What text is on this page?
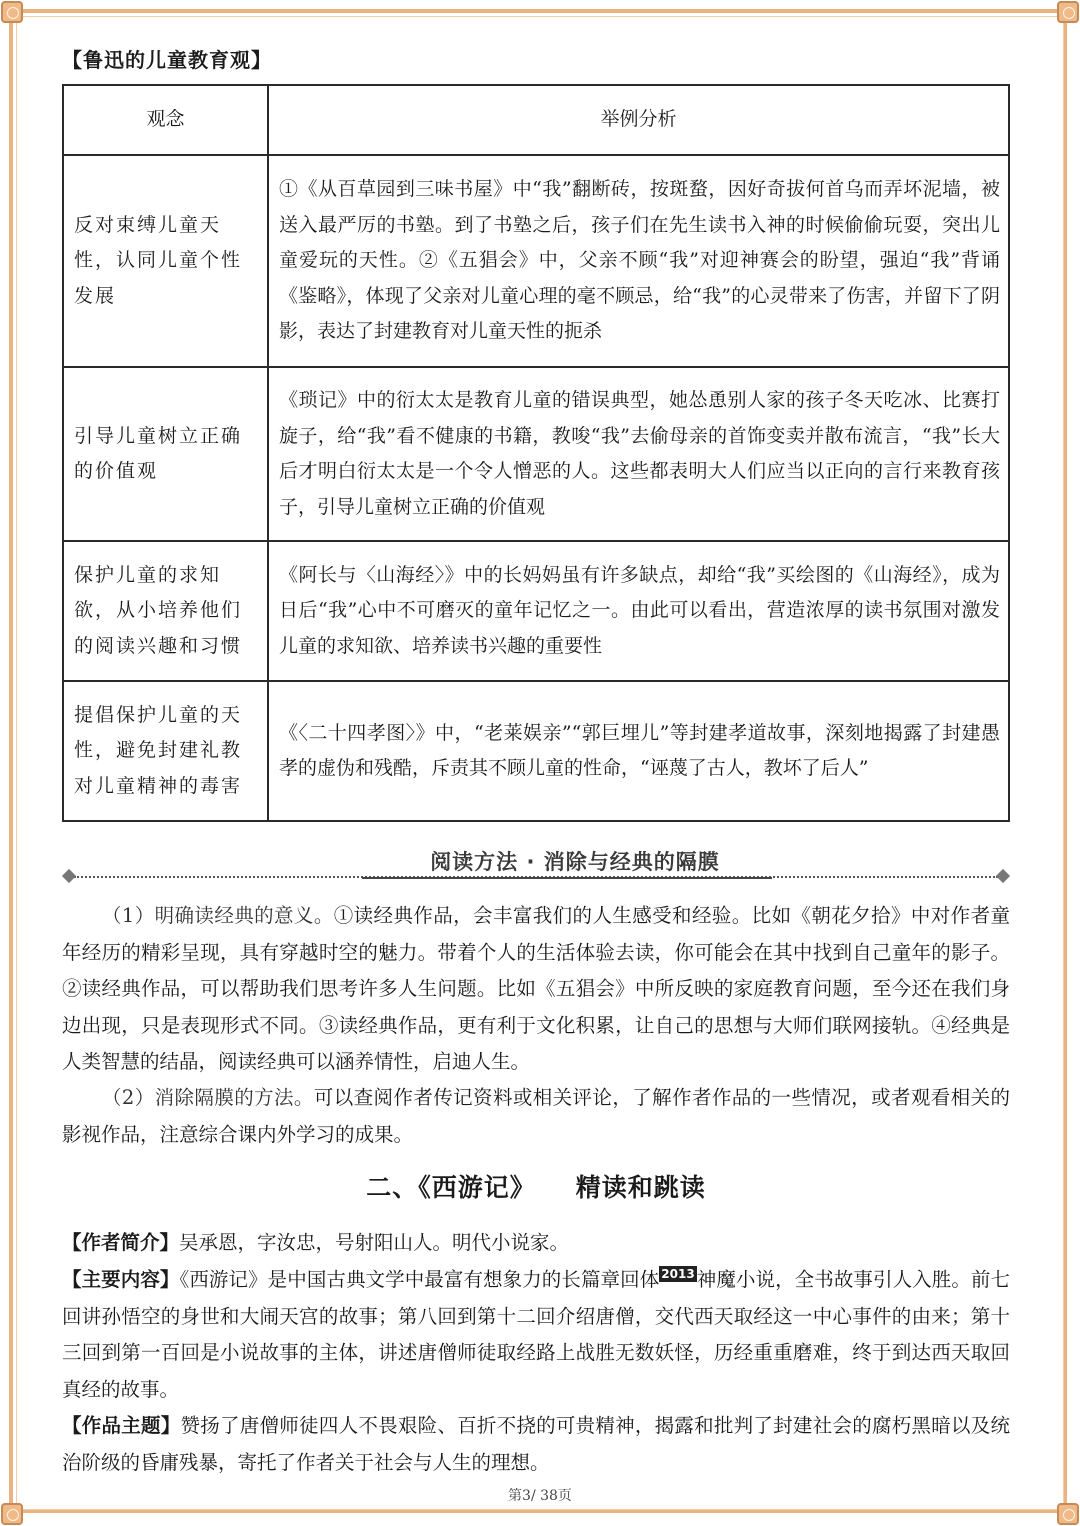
【鲁迅的儿童教育观】
观念	举例分析
反对束缚儿童天性，认同儿童个性发展	①《从百草园到三味书屋》中“我”翻断砖，按斑蝥，因好奇拔何首乌而弄坏泥墙，被送入最严厉的书塾。到了书塾之后，孩子们在先生读书入神的时候偷偷玩耍，突出儿童爱玩的天性。②《五猖会》中，父亲不顾“我”对迎神赛会的盼望，强迫“我”背诵《鉴略》，体现了父亲对儿童心理的毫不顾忌，给“我”的心灵带来了伤害，并留下了阴影，表达了封建教育对儿童天性的扼杀
引导儿童树立正确的价值观	《琐记》中的衍太太是教育儿童的错误典型，她怂恿别人家的孩子冬天吃冰、比赛打旋子，给“我”看不健康的书籍，教唆“我”去偷母亲的首饰变卖并散布流言，“我”长大后才明白衍太太是一个令人憎恶的人。这些都表明大人们应当以正向的言行来教育孩子，引导儿童树立正确的价值观
保护儿童的求知欲，从小培养他们的阅读兴趣和习惯	《阿长与〈山海经〉》中的长妈妈虽有许多缺点，却给“我”买绘图的《山海经》，成为日后“我”心中不可磨灭的童年记忆之一。由此可以看出，营造浓厚的读书氛围对激发儿童的求知欲、培养读书兴趣的重要性
提倡保护儿童的天性，避免封建礼教对儿童精神的毒害	《〈二十四孝图〉》中，“老莱娱亲”“郭巨埋儿”等封建孝道故事，深刻地揭露了封建愚孝的虚伪和残酷，斥责其不顾儿童的性命，“诬蔑了古人，教坏了后人”
阅读方法 · 消除与经典的隔膜
（1）明确读经典的意义。①读经典作品，会丰富我们的人生感受和经验。比如《朝花夕拾》中对作者童年经历的精彩呈现，具有穿越时空的魅力。带着个人的生活体验去读，你可能会在其中找到自己童年的影子。②读经典作品，可以帮助我们思考许多人生问题。比如《五猖会》中所反映的家庭教育问题，至今还在我们身边出现，只是表现形式不同。③读经典作品，更有利于文化积累，让自己的思想与大师们联网接轨。④经典是人类智慧的结晶，阅读经典可以涵养情性，启迪人生。
（2）消除隔膜的方法。可以查阅作者传记资料或相关评论，了解作者作品的一些情况，或者观看相关的影视作品，注意综合课内外学习的成果。
二、《西游记》 精读和跳读
【作者简介】吴承恩，字汝忠，号射阳山人。明代小说家。
【主要内容】《西游记》是中国古典文学中最富有想象力的长篇章回体 2013 神魔小说，全书故事引人入胜。前七回讲孙悟空的身世和大闹天宫的故事；第八回到第十二回介绍唐僧，交代西天取经这一中心事件的由来；第十三回到第一百回是小说故事的主体，讲述唐僧师徒取经路上战胜无数妖怪，历经重重磨难，终于到达西天取回真经的故事。
【作品主题】赞扬了唐僧师徒四人不畏艰险、百折不挠的可贵精神，揭露和批判了封建社会的腐朽黑暗以及统治阶级的昏庸残暴，寄托了作者关于社会与人生的理想。
第3/ 38页
